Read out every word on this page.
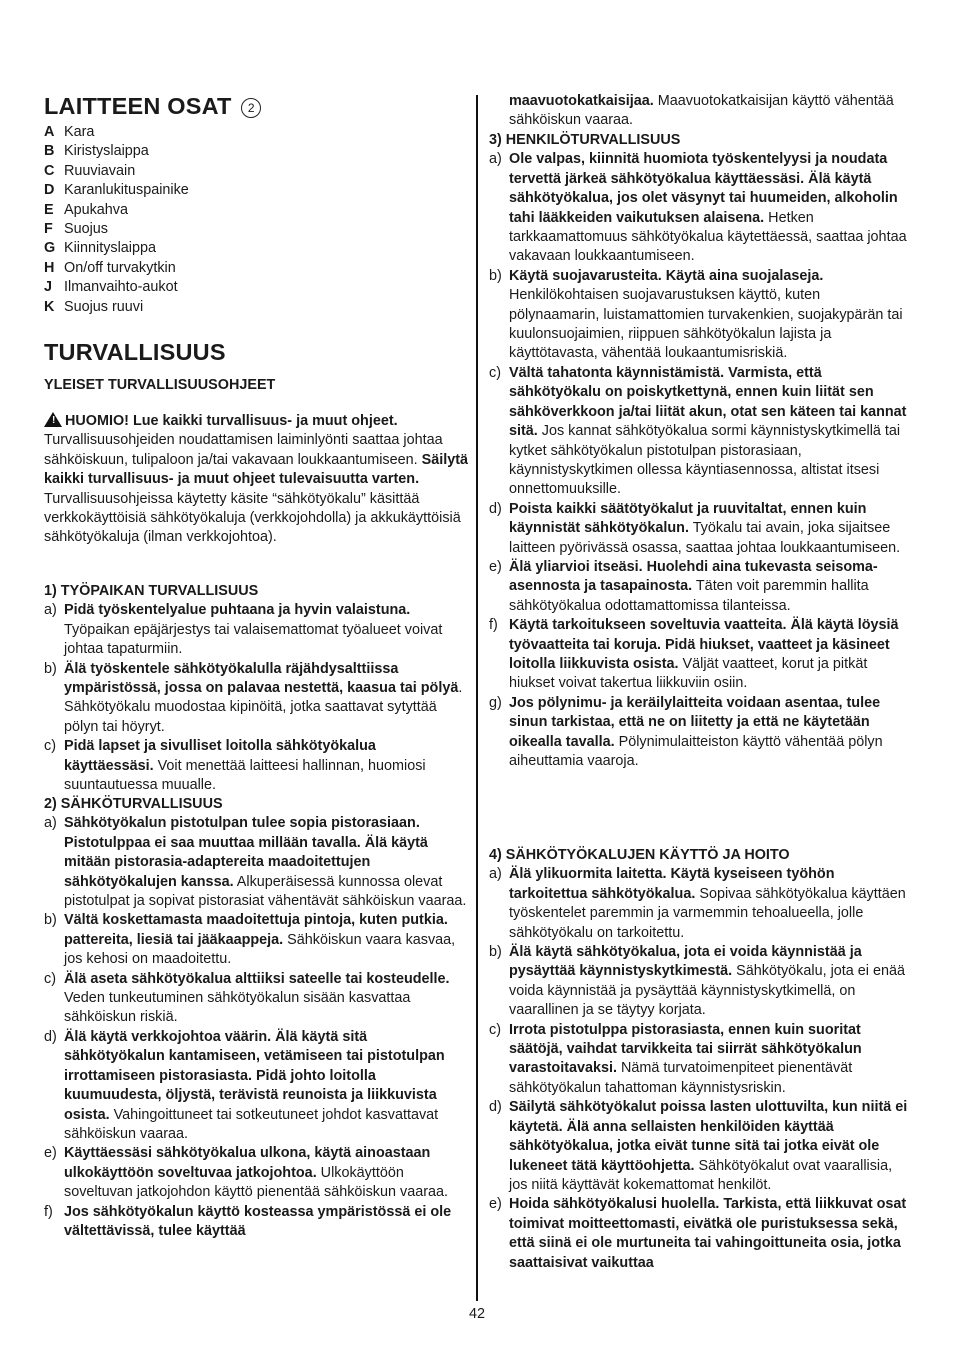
LAITTEEN OSAT 2
A Kara
B Kiristyslaippa
C Ruuviavain
D Karanlukituspainike
E Apukahva
F Suojus
G Kiinnityslaippa
H On/off turvakytkin
J Ilmanvaihto-aukot
K Suojus ruuvi
TURVALLISUUS

YLEISET TURVALLISUUSOHJEET

! HUOMIO! Lue kaikki turvallisuus- ja muut ohjeet. Turvallisuusohjeiden noudattamisen laiminlyönti saattaa johtaa sähköiskuun, tulipaloon ja/tai vakavaan loukkaantumiseen. Säilytä kaikki turvallisuus- ja muut ohjeet tulevaisuutta varten. Turvallisuusohjeissa käytetty käsite “sähkötyökalu” käsittää verkkokäyttöisiä sähkötyökaluja (verkkojohdolla) ja akkukäyttöisiä sähkötyökaluja (ilman verkkojohtoa).

1) TYÖPAIKAN TURVALLISUUS

a) Pidä työskentelyalue puhtaana ja hyvin valaistuna. Työpaikan epäjärjestys tai valaisemattomat työalueet voivat johtaa tapaturmiin.
b) Älä työskentele sähkötyökalulla räjähdysalttiissa ympäristössä, jossa on palavaa nestettä, kaasua tai pölyä. Sähkötyökalu muodostaa kipinöitä, jotka saattavat sytyttää pölyn tai höyryt.
c) Pidä lapset ja sivulliset loitolla sähkötyökalua käyttäessäsi. Voit menettää laitteesi hallinnan, huomiosi suuntautuessa muualle.

2) SÄHKÖTURVALLISUUS

a) Sähkötyökalun pistotulpan tulee sopia pistorasiaan. Pistotulppaa ei saa muuttaa millään tavalla. Älä käytä mitään pistorasia-adaptereita maadoitettujen sähkötyökalujen kanssa. Alkuperäisessä kunnossa olevat pistotulpat ja sopivat pistorasiat vähentävät sähköiskun vaaraa.
b) Vältä koskettamasta maadoitettuja pintoja, kuten putkia. pattereita, liesiä tai jääkaappeja. Sähköiskun vaara kasvaa, jos kehosi on maadoitettu.
c) Älä aseta sähkötyökalua alttiiksi sateelle tai kosteudelle. Veden tunkeutuminen sähkötyökalun sisään kasvattaa sähköiskun riskiä.
d) Älä käytä verkkojohtoa väärin. Älä käytä sitä sähkötyökalun kantamiseen, vetämiseen tai pistotulpan irrottamiseen pistorasiasta. Pidä johto loitolla kuumuudesta, öljystä, terävistä reunoista ja liikkuvista osista. Vahingoittuneet tai sotkeutuneet johdot kasvattavat sähköiskun vaaraa.
e) Käyttäessäsi sähkötyökalua ulkona, käytä ainoastaan ulkokäyttöön soveltuvaa jatkojohtoa. Ulkokäyttöön soveltuvan jatkojohdon käyttö pienentää sähköiskun vaaraa.
f) Jos sähkötyökalun käyttö kosteassa ympäristössä ei ole vältettävissä, tulee käyttää

maavuotokatkaisijaa. Maavuotokatkaisijan käyttö vähentää sähköiskun vaaraa.

3) HENKILÖTURVALLISUUS

a) Ole valpas, kiinnitä huomiota työskentelyysi ja noudata tervettä järkeä sähkötyökalua käyttäessäsi. Älä käytä sähkötyökalua, jos olet väsynyt tai huumeiden, alkoholin tahi lääkkeiden vaikutuksen alaisena. Hetken tarkkaamattomuus sähkötyökalua käytettäessä, saattaa johtaa vakavaan loukkaantumiseen.
b) Käytä suojavarusteita. Käytä aina suojalaseja. Henkilökohtaisen suojavarustuksen käyttö, kuten pölynaamarin, luistamattomien turvakenkien, suojakypärän tai kuulonsuojaimien, riippuen sähkötyökalun lajista ja käyttötavasta, vähentää loukaantumisriskiä.
c) Vältä tahatonta käynnistämistä. Varmista, että sähkötyökalu on poiskytkettynä, ennen kuin liität sen sähköverkkoon ja/tai liität akun, otat sen käteen tai kannat sitä. Jos kannat sähkötyökalua sormi käynnistyskytkimellä tai kytket sähkötyökalun pistotulpan pistorasiaan, käynnistyskytkimen ollessa käyntiasennossa, altistat itsesi onnettomuuksille.
d) Poista kaikki säätötyökalut ja ruuvitaltat, ennen kuin käynnistät sähkötyökalun. Työkalu tai avain, joka sijaitsee laitteen pyörivässä osassa, saattaa johtaa loukkaantumiseen.
e) Älä yliarvioi itseäsi. Huolehdi aina tukevasta seisoma-asennosta ja tasapainosta. Täten voit paremmin hallita sähkötyökalua odottamattomissa tilanteissa.
f) Käytä tarkoitukseen soveltuvia vaatteita. Älä käytä löysiä työvaatteita tai koruja. Pidä hiukset, vaatteet ja käsineet loitolla liikkuvista osista. Väljät vaatteet, korut ja pitkät hiukset voivat takertua liikkuviin osiin.
g) Jos pölynimu- ja keräilylaitteita voidaan asentaa, tulee sinun tarkistaa, että ne on liitetty ja että ne käytetään oikealla tavalla. Pölynimulaitteiston käyttö vähentää pölyn aiheuttamia vaaroja.

4) SÄHKÖTYÖKALUJEN KÄYTTÖ JA HOITO

a) Älä ylikuormita laitetta. Käytä kyseiseen työhön tarkoitettua sähkötyökalua. Sopivaa sähkötyökalua käyttäen työskentelet paremmin ja varmemmin tehoalueella, jolle sähkötyökalu on tarkoitettu.
b) Älä käytä sähkötyökalua, jota ei voida käynnistää ja pysäyttää käynnistyskytkimestä. Sähkötyökalu, jota ei enää voida käynnistää ja pysäyttää käynnistyskytkimellä, on vaarallinen ja se täytyy korjata.
c) Irrota pistotulppa pistorasiasta, ennen kuin suoritat säätöjä, vaihdat tarvikkeita tai siirrät sähkötyökalun varastoitavaksi. Nämä turvatoimenpiteet pienentävät sähkötyökalun tahattoman käynnistysriskin.
d) Säilytä sähkötyökalut poissa lasten ulottuvilta, kun niitä ei käytetä. Älä anna sellaisten henkilöiden käyttää sähkötyökalua, jotka eivät tunne sitä tai jotka eivät ole lukeneet tätä käyttöohjetta. Sähkötyökalut ovat vaarallisia, jos niitä käyttävät kokemattomat henkilöt.
e) Hoida sähkötyökalusi huolella. Tarkista, että liikkuvat osat toimivat moitteettomasti, eivätkä ole puristuksessa sekä, että siinä ei ole murtuneita tai vahingoittuneita osia, jotka saattaisivat vaikuttaa
42
